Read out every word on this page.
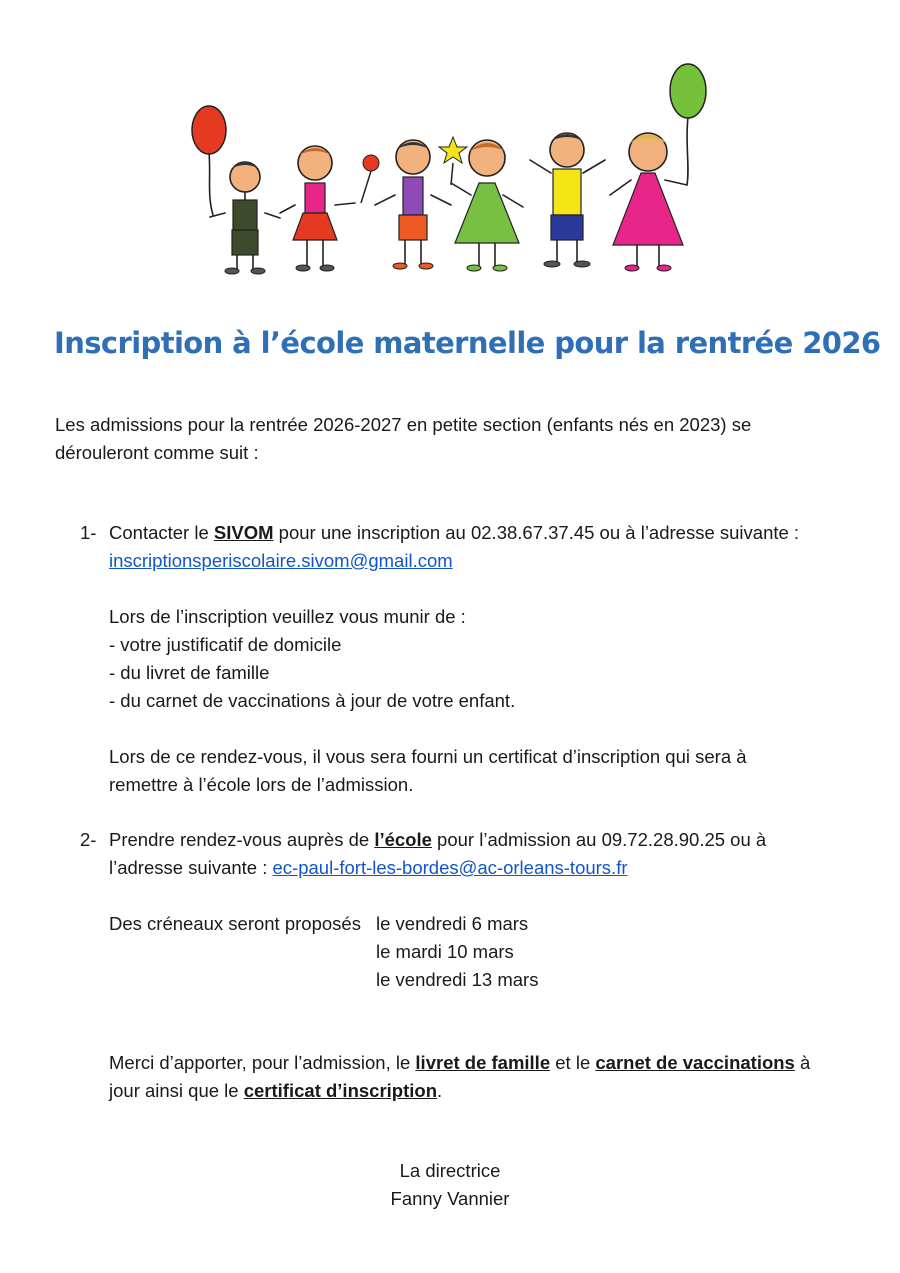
Inscription à l’école maternelle pour la rentrée 2026
Les admissions pour la rentrée 2026-2027 en petite section (enfants nés en 2023) se
dérouleront comme suit :
1- Contacter le SIVOM pour une inscription au 02.38.67.37.45 ou à l’adresse suivante :
inscriptionsperiscolaire.sivom@gmail.com
Lors de l’inscription veuillez vous munir de :
- votre justificatif de domicile
- du livret de famille
- du carnet de vaccinations à jour de votre enfant.
Lors de ce rendez-vous, il vous sera fourni un certificat d’inscription qui sera à
remettre à l’école lors de l’admission.
2- Prendre rendez-vous auprès de l’école pour l’admission au 09.72.28.90.25 ou à
l’adresse suivante : ec-paul-fort-les-bordes@ac-orleans-tours.fr
Des créneaux seront proposés le vendredi 6 mars
le mardi 10 mars
le vendredi 13 mars
Merci d’apporter, pour l’admission, le livret de famille et le carnet de vaccinations à
jour ainsi que le certificat d’inscription.
La directrice
Fanny Vannier
